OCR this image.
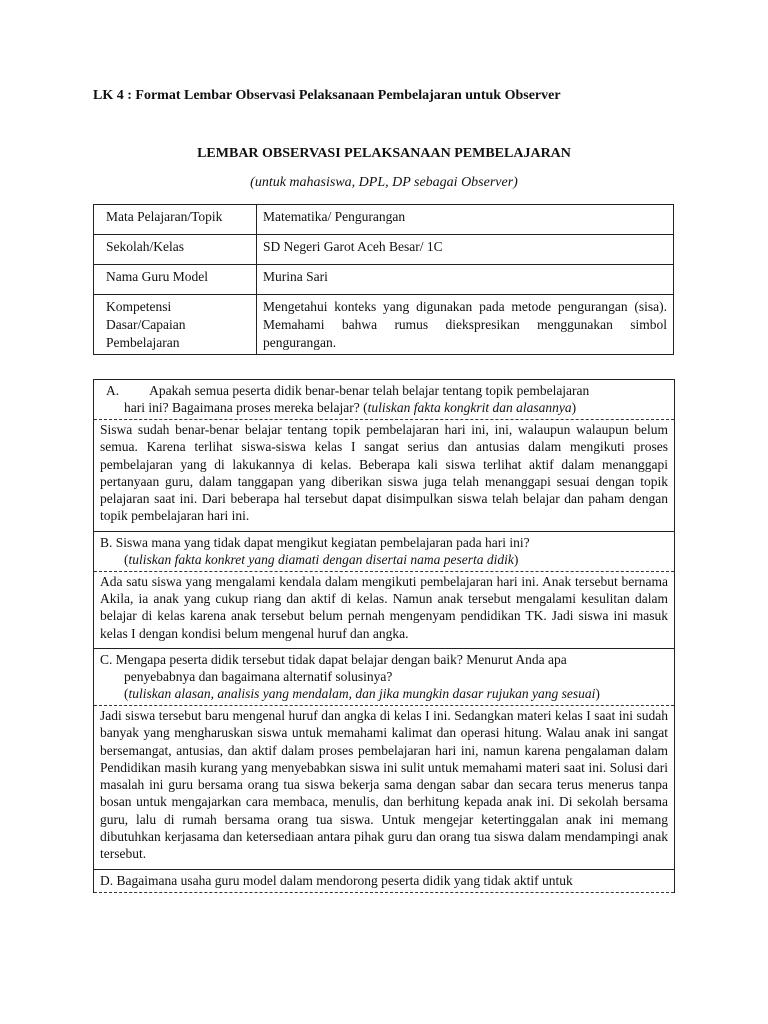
LK 4 : Format Lembar Observasi Pelaksanaan Pembelajaran untuk Observer
LEMBAR OBSERVASI PELAKSANAAN PEMBELAJARAN
(untuk mahasiswa, DPL, DP sebagai Observer)
Mata Pelajaran/Topik	Matematika/ Pengurangan
Sekolah/Kelas	SD Negeri Garot Aceh Besar/ 1C
Nama Guru Model	Murina Sari

Kompetensi
Dasar/Capaian
Pembelajaran	Mengetahui konteks yang digunakan pada metode pengurangan (sisa). Memahami bahwa rumus diekspresikan menggunakan simbol pengurangan.
A. Apakah semua peserta didik benar-benar telah belajar tentang topik pembelajaran
hari ini? Bagaimana proses mereka belajar? (tuliskan fakta kongkrit dan alasannya)
Siswa sudah benar-benar belajar tentang topik pembelajaran hari ini, ini, walaupun walaupun belum semua. Karena terlihat siswa-siswa kelas I sangat serius dan antusias dalam mengikuti proses pembelajaran yang di lakukannya di kelas. Beberapa kali siswa terlihat aktif dalam menanggapi pertanyaan guru, dalam tanggapan yang diberikan siswa juga telah menanggapi sesuai dengan topik pelajaran saat ini. Dari beberapa hal tersebut dapat disimpulkan siswa telah belajar dan paham dengan topik pembelajaran hari ini.
B. Siswa mana yang tidak dapat mengikut kegiatan pembelajaran pada hari ini?
(tuliskan fakta konkret yang diamati dengan disertai nama peserta didik)
Ada satu siswa yang mengalami kendala dalam mengikuti pembelajaran hari ini. Anak tersebut bernama Akila, ia anak yang cukup riang dan aktif di kelas. Namun anak tersebut mengalami kesulitan dalam belajar di kelas karena anak tersebut belum pernah mengenyam pendidikan TK. Jadi siswa ini masuk kelas I dengan kondisi belum mengenal huruf dan angka.
C. Mengapa peserta didik tersebut tidak dapat belajar dengan baik? Menurut Anda apa
penyebabnya dan bagaimana alternatif solusinya?
(tuliskan alasan, analisis yang mendalam, dan jika mungkin dasar rujukan yang sesuai)
Jadi siswa tersebut baru mengenal huruf dan angka di kelas I ini. Sedangkan materi kelas I saat ini sudah banyak yang mengharuskan siswa untuk memahami kalimat dan operasi hitung. Walau anak ini sangat bersemangat, antusias, dan aktif dalam proses pembelajaran hari ini, namun karena pengalaman dalam Pendidikan masih kurang yang menyebabkan siswa ini sulit untuk memahami materi saat ini. Solusi dari masalah ini guru bersama orang tua siswa bekerja sama dengan sabar dan secara terus menerus tanpa bosan untuk mengajarkan cara membaca, menulis, dan berhitung kepada anak ini. Di sekolah bersama guru, lalu di rumah bersama orang tua siswa. Untuk mengejar ketertinggalan anak ini memang dibutuhkan kerjasama dan ketersediaan antara pihak guru dan orang tua siswa dalam mendampingi anak tersebut.
D. Bagaimana usaha guru model dalam mendorong peserta didik yang tidak aktif untuk
